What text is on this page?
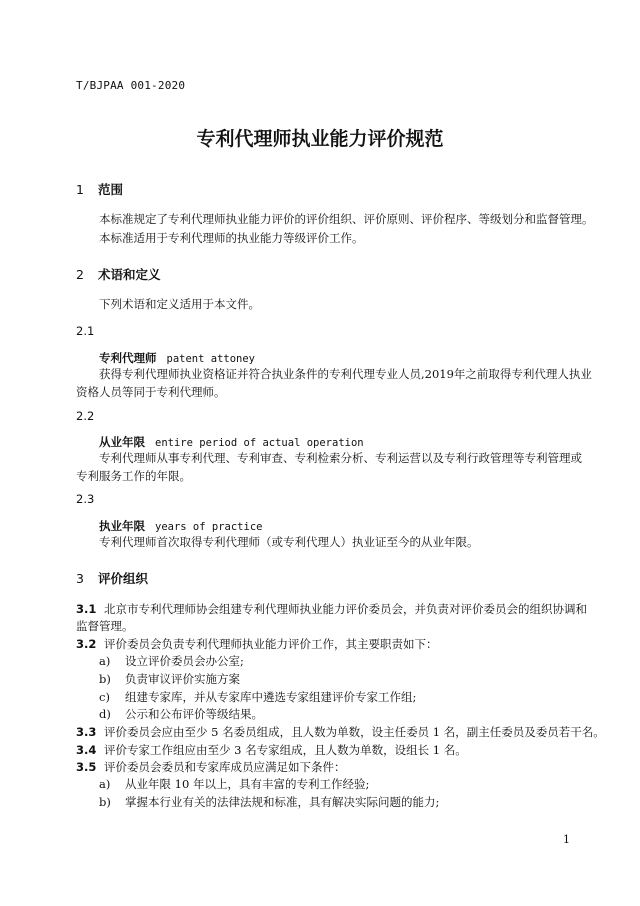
T/BJPAA 001-2020
专利代理师执业能力评价规范
1 范围
本标准规定了专利代理师执业能力评价的评价组织、评价原则、评价程序、等级划分和监督管理。
本标准适用于专利代理师的执业能力等级评价工作。
2 术语和定义
下列术语和定义适用于本文件。
2.1
专利代理师 patent attoney
获得专利代理师执业资格证并符合执业条件的专利代理专业人员,2019年之前取得专利代理人执业
资格人员等同于专利代理师。
2.2
从业年限 entire period of actual operation
专利代理师从事专利代理、专利审查、专利检索分析、专利运营以及专利行政管理等专利管理或
专利服务工作的年限。
2.3
执业年限 years of practice
专利代理师首次取得专利代理师（或专利代理人）执业证至今的从业年限。
3 评价组织
3.1 北京市专利代理师协会组建专利代理师执业能力评价委员会，并负责对评价委员会的组织协调和
监督管理。
3.2 评价委员会负责专利代理师执业能力评价工作，其主要职责如下：
a) 设立评价委员会办公室;
b) 负责审议评价实施方案
c) 组建专家库，并从专家库中遴选专家组建评价专家工作组;
d) 公示和公布评价等级结果。
3.3 评价委员会应由至少 5 名委员组成，且人数为单数，设主任委员 1 名，副主任委员及委员若干名。
3.4 评价专家工作组应由至少 3 名专家组成，且人数为单数，设组长 1 名。
3.5 评价委员会委员和专家库成员应满足如下条件：
a) 从业年限 10 年以上，具有丰富的专利工作经验;
b) 掌握本行业有关的法律法规和标准，具有解决实际问题的能力;
1
